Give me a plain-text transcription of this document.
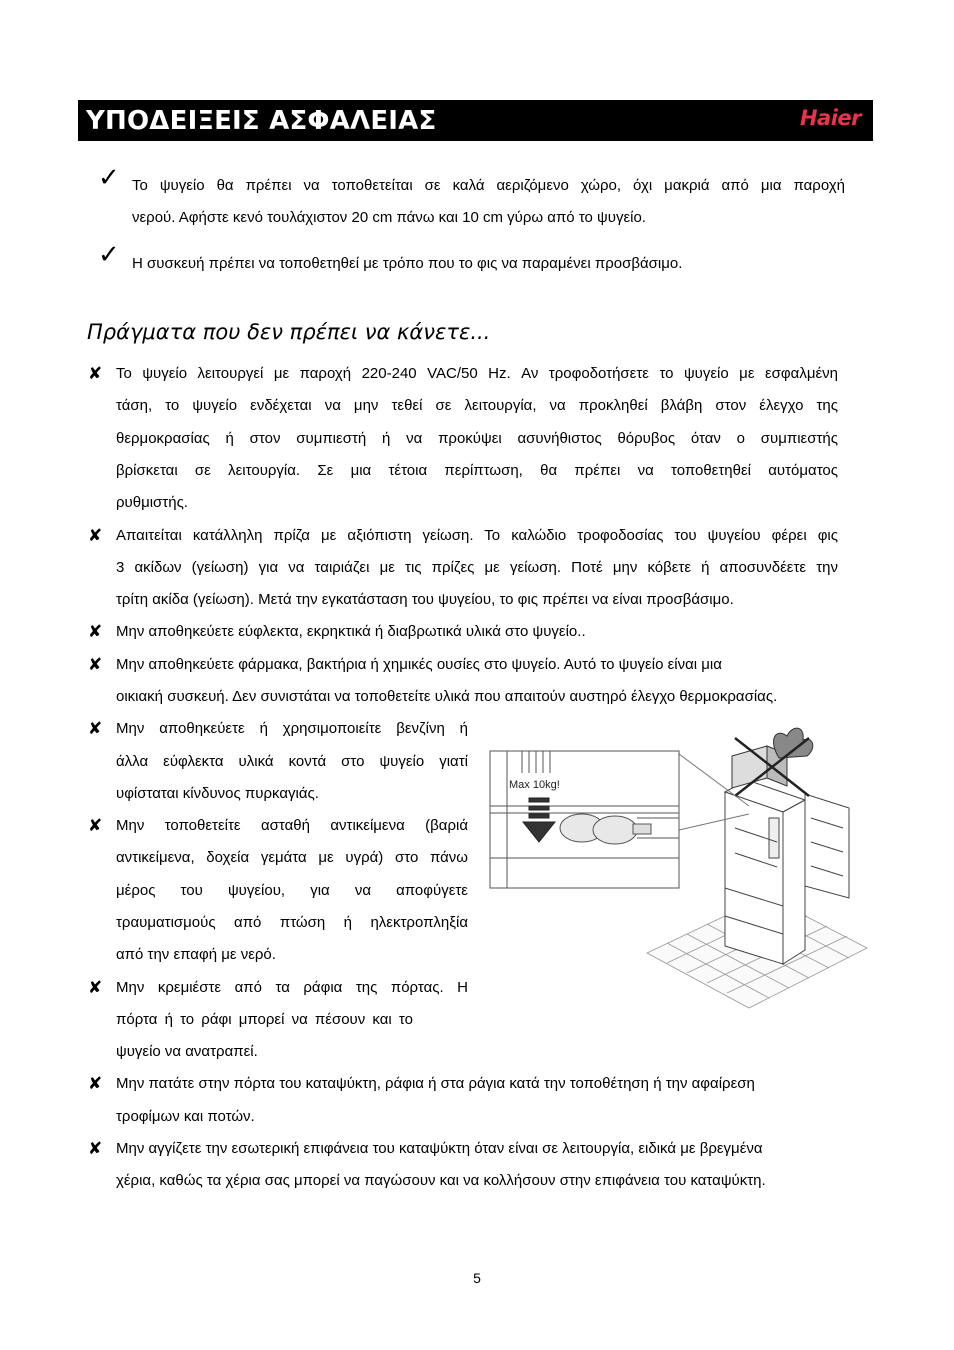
ΥΠΟΔΕΙΞΕΙΣ ΑΣΦΑΛΕΙΑΣ	Haier
✓ Το ψυγείο θα πρέπει να τοποθετείται σε καλά αεριζόμενο χώρο, όχι μακριά από μια παροχή
νερού. Αφήστε κενό τουλάχιστον 20 cm πάνω και 10 cm γύρω από το ψυγείο.
✓ Η συσκευή πρέπει να τοποθετηθεί με τρόπο που το φις να παραμένει προσβάσιμο.
Πράγματα που δεν πρέπει να κάνετε...
✘ Το ψυγείο λειτουργεί με παροχή 220-240 VAC/50 Hz. Αν τροφοδοτήσετε το ψυγείο με εσφαλμένη
τάση, το ψυγείο ενδέχεται να μην τεθεί σε λειτουργία, να προκληθεί βλάβη στον έλεγχο της
θερμοκρασίας ή στον συμπιεστή ή να προκύψει ασυνήθιστος θόρυβος όταν ο συμπιεστής
βρίσκεται σε λειτουργία. Σε μια τέτοια περίπτωση, θα πρέπει να τοποθετηθεί αυτόματος
ρυθμιστής.
✘ Απαιτείται κατάλληλη πρίζα με αξιόπιστη γείωση. Το καλώδιο τροφοδοσίας του ψυγείου φέρει φις
3 ακίδων (γείωση) για να ταιριάζει με τις πρίζες με γείωση. Ποτέ μην κόβετε ή αποσυνδέετε την
τρίτη ακίδα (γείωση). Μετά την εγκατάσταση του ψυγείου, το φις πρέπει να είναι προσβάσιμο.
✘ Μην αποθηκεύετε εύφλεκτα, εκρηκτικά ή διαβρωτικά υλικά στο ψυγείο..
✘ Μην αποθηκεύετε φάρμακα, βακτήρια ή χημικές ουσίες στο ψυγείο. Αυτό το ψυγείο είναι μια
οικιακή συσκευή. Δεν συνιστάται να τοποθετείτε υλικά που απαιτούν αυστηρό έλεγχο θερμοκρασίας.
✘ Μην αποθηκεύετε ή χρησιμοποιείτε βενζίνη ή
άλλα εύφλεκτα υλικά κοντά στο ψυγείο γιατί
υφίσταται κίνδυνος πυρκαγιάς.
✘ Μην τοποθετείτε ασταθή αντικείμενα (βαριά
αντικείμενα, δοχεία γεμάτα με υγρά) στο πάνω
μέρος του ψυγείου, για να αποφύγετε
τραυματισμούς από πτώση ή ηλεκτροπληξία
από την επαφή με νερό.
✘ Μην κρεμιέστε από τα ράφια της πόρτας. Η
πόρτα ή το ράφι μπορεί να πέσουν και το
ψυγείο να ανατραπεί.
✘ Μην πατάτε στην πόρτα του καταψύκτη, ράφια ή στα ράγια κατά την τοποθέτηση ή την αφαίρεση
τροφίμων και ποτών.
✘ Μην αγγίζετε την εσωτερική επιφάνεια του καταψύκτη όταν είναι σε λειτουργία, ειδικά με βρεγμένα
χέρια, καθώς τα χέρια σας μπορεί να παγώσουν και να κολλήσουν στην επιφάνεια του καταψύκτη.
Max 10kg!
5
